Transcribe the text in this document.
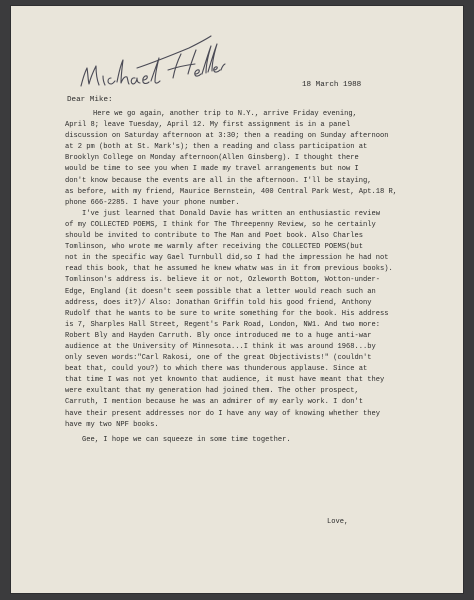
18 March 1988
Dear Mike:
Here we go again, another trip to N.Y., arrive Friday evening,
April 8; leave Tuesday, April 12. My first assignment is in a panel
discussion on Saturday afternoon at 3:30; then a reading on Sunday afternoon
at 2 pm (both at St. Mark's); then a reading and class participation at
Brooklyn College on Monday afternoon(Allen Ginsberg). I thought there
would be time to see you when I made my travel arrangements but now I
don't know because the events are all in the afternoon. I'll be staying,
as before, with my friend, Maurice Bernstein, 400 Central Park West, Apt.18 R,
phone 666-2285. I have your phone number.
I've just learned that Donald Davie has written an enthusiastic review
of my COLLECTED POEMS, I think for The Threepenny Review, so he certainly
should be invited to contribute to The Man and Poet book. Also Charles
Tomlinson, who wrote me warmly after receiving the COLLECTED POEMS(but
not in the specific way Gael Turnbull did,so I had the impression he had not
read this book, that he assumed he knew whatw was in it from previous books).
Tomlinson's address is. believe it or not, Ozleworth Bottom, Wotton-under-
Edge, England (it doesn't seem possible that a letter would reach such an
address, does it?)/ Also: Jonathan Griffin told his good friend, Anthony
Rudolf that he wants to be sure to write something for the book. His address
is 7, Sharples Hall Street, Regent's Park Road, London, NW1. And two more:
Robert Bly and Hayden Carruth. Bly once introduced me to a huge anti-war
audience at the University of Minnesota...I think it was around 1968...by
only seven words:"Carl Rakosi, one of the great Objectivists!" (couldn't
beat that, could you?) to which there was thunderous applause. Since at
that time I was not yet knownto that audience, it must have meant that they
were exultant that my generation had joined them. The other prospect,
Carruth, I mention because he was an admirer of my early work. I don't
have their present addresses nor do I have any way of knowing whether they
have my two NPF books.
Gee, I hope we can squeeze in some time together.
Love,
